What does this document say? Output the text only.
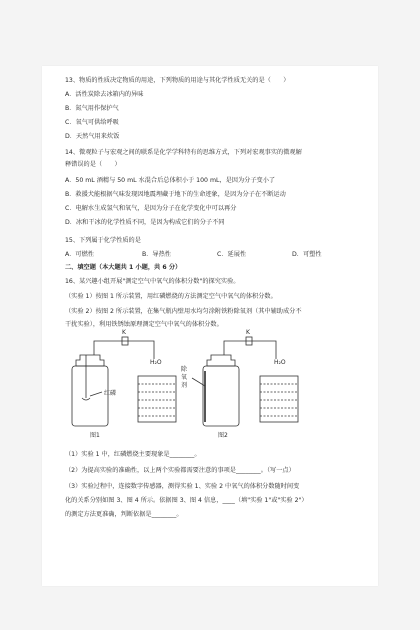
13、物质的性质决定物质的用途，下列物质的用途与其化学性质无关的是（　　）
A．活性炭除去冰箱内的异味
B．氮气用作保护气
C．氧气可供给呼吸
D．天然气用来炊饭
14、微观粒子与宏观之间的联系是化学学科特有的思维方式，下列对宏观事实的微观解
释错误的是（　　）
A．50 mL 酒精与 50 mL 水混合后总体积小于 100 mL，是因为分子变小了
B．救援犬能根据气味发现因地震埋藏于地下的生命迹象，是因为分子在不断运动
C．电解水生成氢气和氧气，是因为分子在化学变化中可以再分
D．冰和干冰的化学性质不同，是因为构成它们的分子不同
15、下列属于化学性质的是
A．可燃性	B．导热性	C．延展性	D．可塑性
二、填空题（本大题共 1 小题，共 6 分）
16、某兴趣小组开展"测定空气中氧气的体积分数"的探究实验。
（实验 1）按图 1 所示装置，用红磷燃烧的方法测定空气中氧气的体积分数。
（实验 2）按图 2 所示装置，在集气瓶内壁用水均匀涂附铁粉除氧剂（其中辅助成分不
干扰实验），利用铁锈蚀原理测定空气中氧气的体积分数。
K
H₂O
红磷
图1
K
H₂O
除氧剂
图2
（1）实验 1 中，红磷燃烧主要现象是________。
（2）为提高实验的准确性，以上两个实验都需要注意的事项是________。（写一点）
（3）实验过程中，连接数字传感器，测得实验 1、实验 2 中氧气的体积分数随时间变
化的关系分别如图 3、图 4 所示。依据图 3、图 4 信息，____（填"实验 1"或"实验 2"）
的测定方法更准确，判断依据是________。
